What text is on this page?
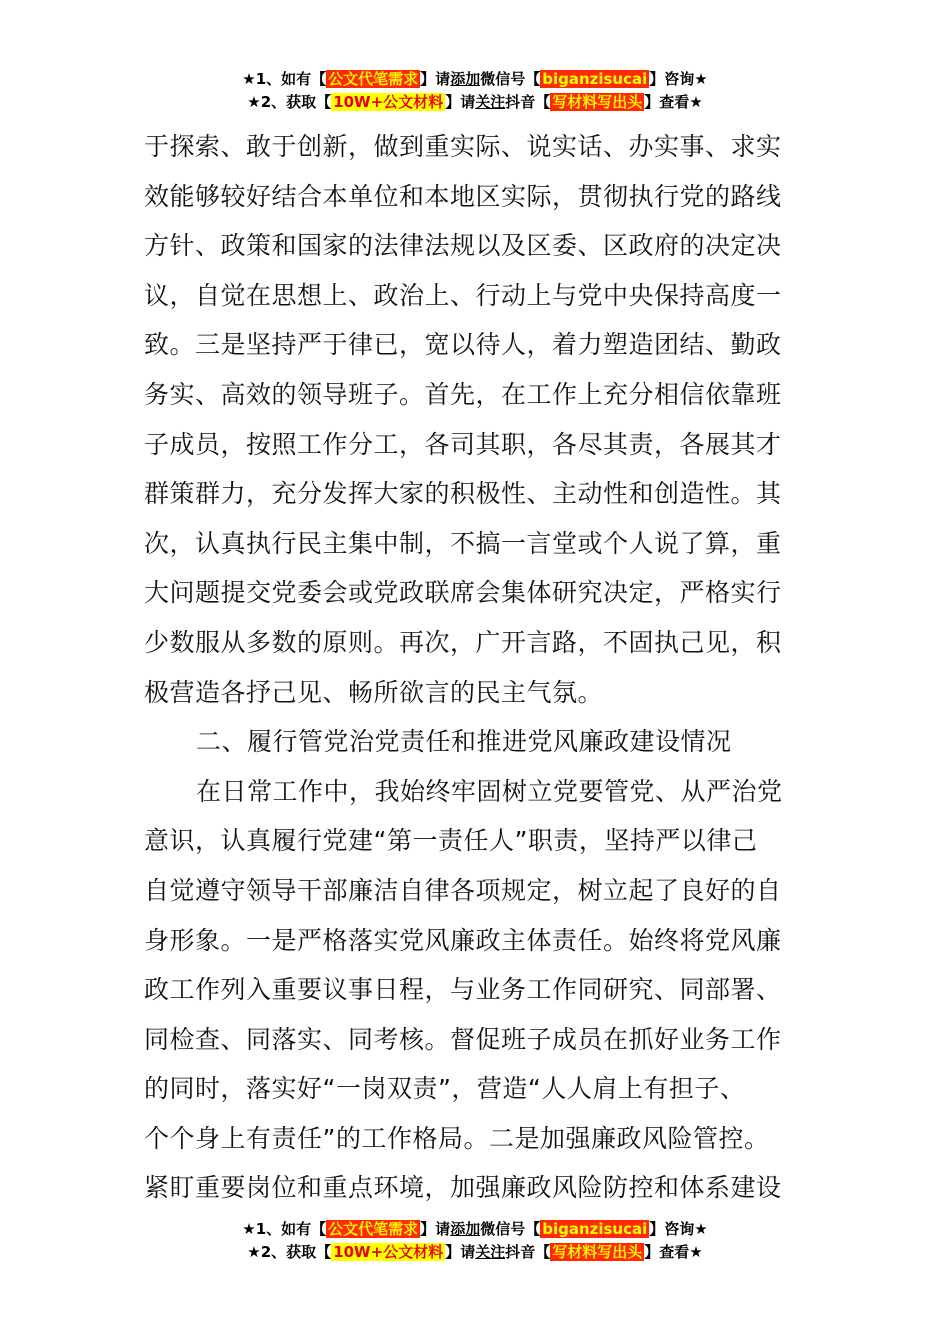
★1、如有【 公文代笔需求 】请添加微信号【 biganzisucai 】咨询★
★2、获取【 10W+公文材料 】请关注抖音【 写材料写出头 】查看★
于探索、敢于创新，做到重实际、说实话、办实事、求实
效能够较好结合本单位和本地区实际，贯彻执行党的路线
方针、政策和国家的法律法规以及区委、区政府的决定决
议，自觉在思想上、政治上、行动上与党中央保持高度一
致。三是坚持严于律已，宽以待人，着力塑造团结、勤政
务实、高效的领导班子。首先，在工作上充分相信依靠班
子成员，按照工作分工，各司其职，各尽其责，各展其才
群策群力，充分发挥大家的积极性、主动性和创造性。其
次，认真执行民主集中制，不搞一言堂或个人说了算，重
大问题提交党委会或党政联席会集体研究决定，严格实行
少数服从多数的原则。再次，广开言路，不固执己见，积
极营造各抒己见、畅所欲言的民主气氛。
二、履行管党治党责任和推进党风廉政建设情况
在日常工作中，我始终牢固树立党要管党、从严治党
意识，认真履行党建“第一责任人”职责，坚持严以律己
自觉遵守领导干部廉洁自律各项规定，树立起了良好的自
身形象。一是严格落实党风廉政主体责任。始终将党风廉
政工作列入重要议事日程，与业务工作同研究、同部署、
同检查、同落实、同考核。督促班子成员在抓好业务工作
的同时，落实好“一岗双责”，营造“人人肩上有担子、
个个身上有责任”的工作格局。二是加强廉政风险管控。
紧盯重要岗位和重点环境，加强廉政风险防控和体系建设
★1、如有【 公文代笔需求 】请添加微信号【 biganzisucai 】咨询★
★2、获取【 10W+公文材料 】请关注抖音【 写材料写出头 】查看★
